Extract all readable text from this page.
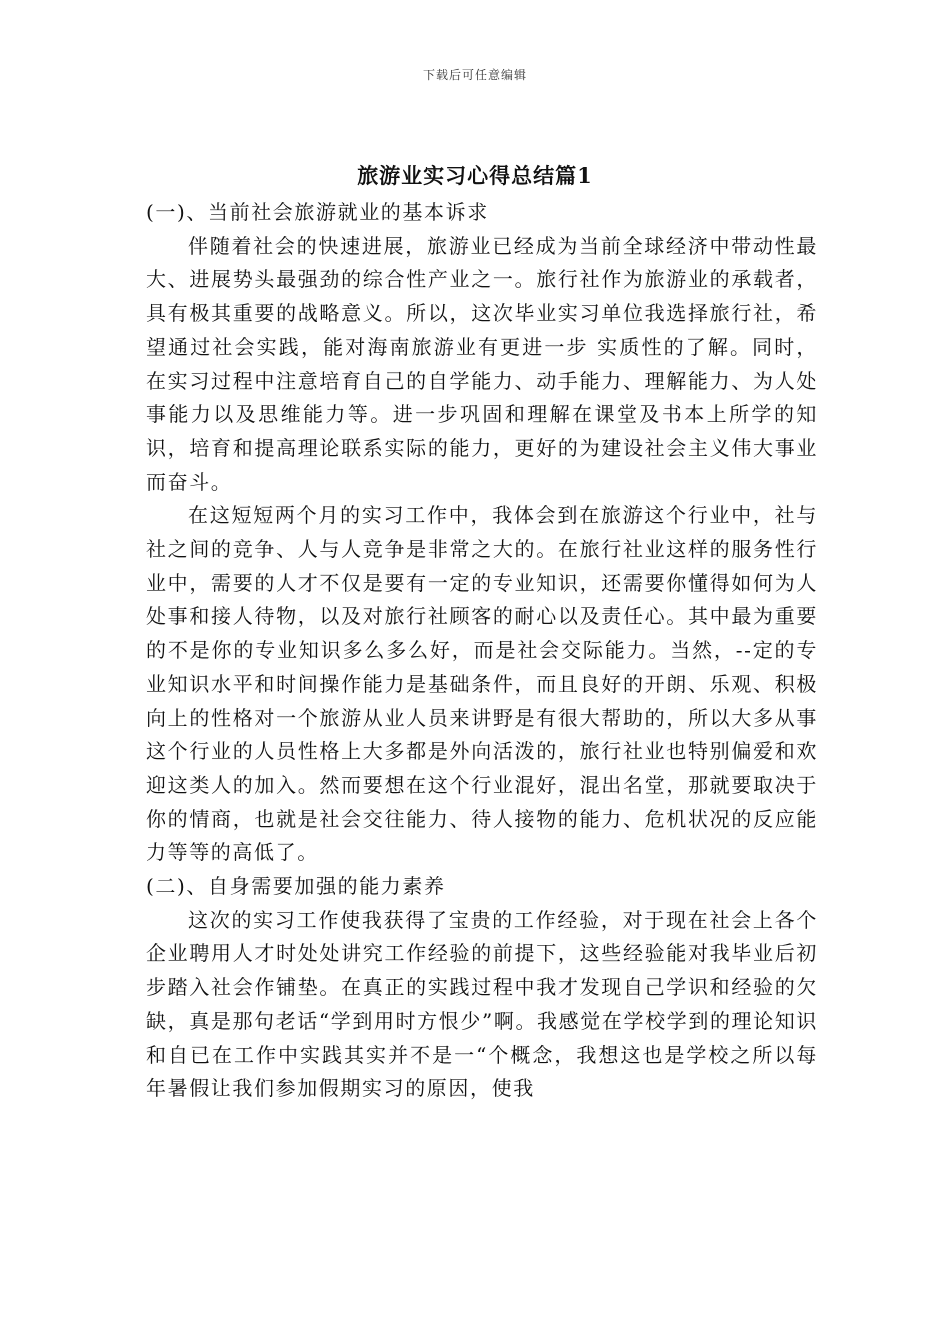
下载后可任意编辑
旅游业实习心得总结篇1

(一)、当前社会旅游就业的基本诉求

伴随着社会的快速进展，旅游业已经成为当前全球经济中带动性最大、进展势头最强劲的综合性产业之一。旅行社作为旅游业的承载者，具有极其重要的战略意义。所以，这次毕业实习单位我选择旅行社，希望通过社会实践，能对海南旅游业有更进一步 实质性的了解。同时，在实习过程中注意培育自己的自学能力、动手能力、理解能力、为人处事能力以及思维能力等。进一步巩固和理解在课堂及书本上所学的知识，培育和提高理论联系实际的能力，更好的为建设社会主义伟大事业而奋斗。

在这短短两个月的实习工作中，我体会到在旅游这个行业中，社与社之间的竞争、人与人竞争是非常之大的。在旅行社业这样的服务性行业中，需要的人才不仅是要有一定的专业知识，还需要你懂得如何为人处事和接人待物，以及对旅行社顾客的耐心以及责任心。其中最为重要的不是你的专业知识多么多么好，而是社会交际能力。当然，--定的专业知识水平和时间操作能力是基础条件，而且良好的开朗、乐观、积极向上的性格对一个旅游从业人员来讲野是有很大帮助的，所以大多从事这个行业的人员性格上大多都是外向活泼的，旅行社业也特别偏爱和欢迎这类人的加入。然而要想在这个行业混好，混出名堂，那就要取决于你的情商，也就是社会交往能力、待人接物的能力、危机状况的反应能力等等的高低了。

(二)、自身需要加强的能力素养

这次的实习工作使我获得了宝贵的工作经验，对于现在社会上各个企业聘用人才时处处讲究工作经验的前提下，这些经验能对我毕业后初步踏入社会作铺垫。在真正的实践过程中我才发现自己学识和经验的欠缺，真是那句老话“学到用时方恨少”啊。我感觉在学校学到的理论知识和自已在工作中实践其实并不是一“个概念，我想这也是学校之所以每年暑假让我们参加假期实习的原因，使我
